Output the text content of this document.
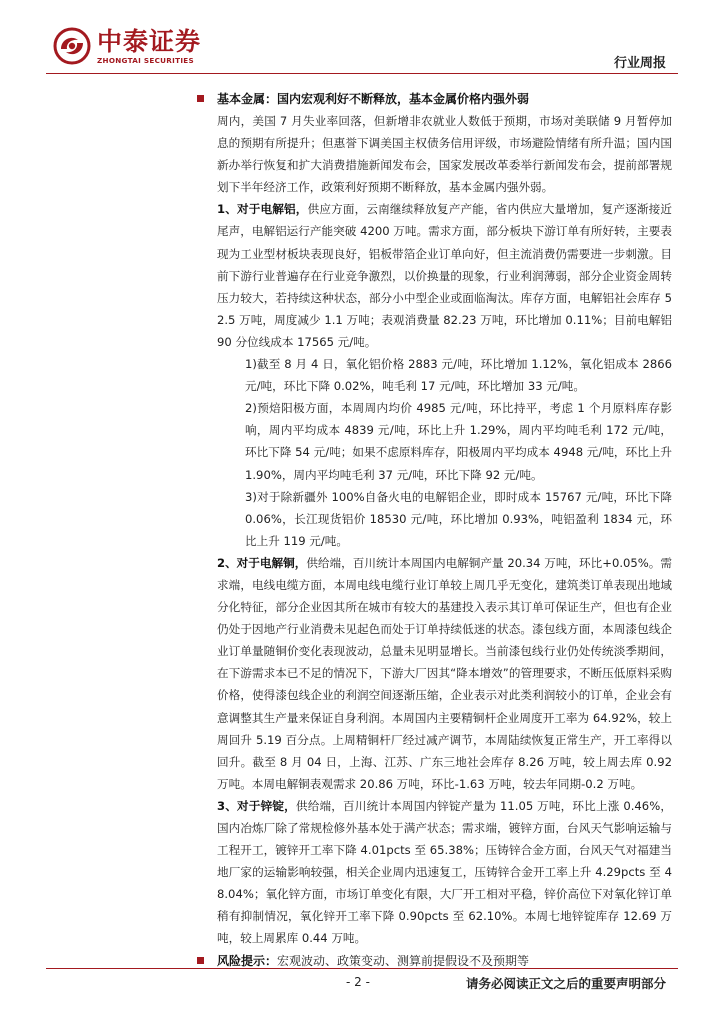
中泰证券
ZHONGTAI SECURITIES	行业周报
基本金属：国内宏观利好不断释放，基本金属价格内强外弱

周内，美国 7 月失业率回落，但新增非农就业人数低于预期，市场对美联储 9 月暂停加息的预期有所提升；但惠誉下调美国主权债务信用评级，市场避险情绪有所升温；国内国新办举行恢复和扩大消费措施新闻发布会，国家发展改革委举行新闻发布会，提前部署规划下半年经济工作，政策利好预期不断释放，基本金属内强外弱。

1、对于电解铝，供应方面，云南继续释放复产产能，省内供应大量增加，复产逐渐接近尾声，电解铝运行产能突破 4200 万吨。需求方面，部分板块下游订单有所好转，主要表现为工业型材板块表现良好，铝板带箔企业订单向好，但主流消费仍需要进一步刺激。目前下游行业普遍存在行业竞争激烈，以价换量的现象，行业利润薄弱，部分企业资金周转压力较大，若持续这种状态，部分小中型企业或面临淘汰。库存方面，电解铝社会库存 52.5 万吨，周度减少 1.1 万吨；表观消费量 82.23 万吨，环比增加 0.11%；目前电解铝 90 分位线成本 17565 元/吨。

1)截至 8 月 4 日，氧化铝价格 2883 元/吨，环比增加 1.12%，氧化铝成本 2866 元/吨，环比下降 0.02%，吨毛利 17 元/吨，环比增加 33 元/吨。

2)预焙阳极方面，本周周内均价 4985 元/吨，环比持平，考虑 1 个月原料库存影响，周内平均成本 4839 元/吨，环比上升 1.29%，周内平均吨毛利 172 元/吨，环比下降 54 元/吨；如果不虑原料库存，阳极周内平均成本 4948 元/吨，环比上升 1.90%，周内平均吨毛利 37 元/吨，环比下降 92 元/吨。

3)对于除新疆外 100%自备火电的电解铝企业，即时成本 15767 元/吨，环比下降 0.06%，长江现货铝价 18530 元/吨，环比增加 0.93%，吨铝盈利 1834 元，环比上升 119 元/吨。

2、对于电解铜，供给端，百川统计本周国内电解铜产量 20.34 万吨，环比+0.05%。需求端，电线电缆方面，本周电线电缆行业订单较上周几乎无变化，建筑类订单表现出地域分化特征，部分企业因其所在城市有较大的基建投入表示其订单可保证生产，但也有企业仍处于因地产行业消费未见起色而处于订单持续低迷的状态。漆包线方面，本周漆包线企业订单量随铜价变化表现波动，总量未见明显增长。当前漆包线行业仍处传统淡季期间，在下游需求本已不足的情况下，下游大厂因其“降本增效”的管理要求，不断压低原料采购价格，使得漆包线企业的利润空间逐渐压缩，企业表示对此类利润较小的订单，企业会有意调整其生产量来保证自身利润。本周国内主要精铜杆企业周度开工率为 64.92%，较上周回升 5.19 百分点。上周精铜杆厂经过减产调节，本周陆续恢复正常生产，开工率得以回升。截至 8 月 04 日，上海、江苏、广东三地社会库存 8.26 万吨，较上周去库 0.92 万吨。本周电解铜表观需求 20.86 万吨，环比-1.63 万吨，较去年同期-0.2 万吨。

3、对于锌锭，供给端，百川统计本周国内锌锭产量为 11.05 万吨，环比上涨 0.46%，国内冶炼厂除了常规检修外基本处于满产状态；需求端，镀锌方面，台风天气影响运输与工程开工，镀锌开工率下降 4.01pcts 至 65.38%；压铸锌合金方面，台风天气对福建当地厂家的运输影响较强，相关企业周内迅速复工，压铸锌合金开工率上升 4.29pcts 至 48.04%；氧化锌方面，市场订单变化有限，大厂开工相对平稳，锌价高位下对氧化锌订单稍有抑制情况，氧化锌开工率下降 0.90pcts 至 62.10%。本周七地锌锭库存 12.69 万吨，较上周累库 0.44 万吨。

风险提示：宏观波动、政策变动、测算前提假设不及预期等
- 2 -	请务必阅读正文之后的重要声明部分
